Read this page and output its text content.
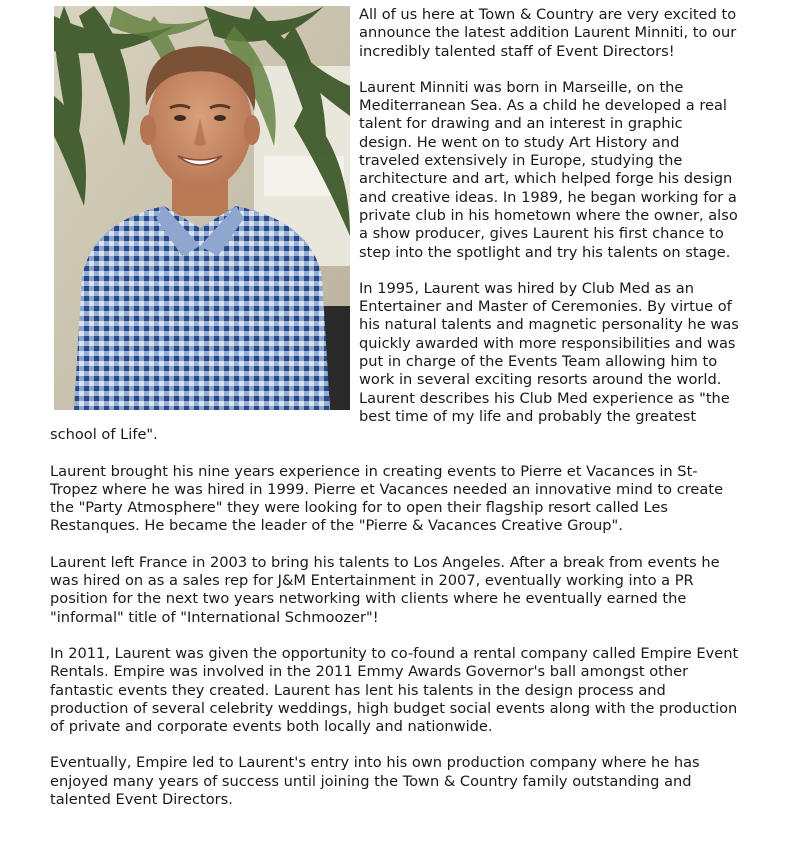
All of us here at Town & Country are very excited to announce the latest addition Laurent Minniti, to our incredibly talented staff of Event Directors!

Laurent Minniti was born in Marseille, on the Mediterranean Sea. As a child he developed a real talent for drawing and an interest in graphic design. He went on to study Art History and traveled extensively in Europe, studying the architecture and art, which helped forge his design and creative ideas. In 1989, he began working for a private club in his hometown where the owner, also a show producer, gives Laurent his first chance to step into the spotlight and try his talents on stage.

In 1995, Laurent was hired by Club Med as an Entertainer and Master of Ceremonies. By virtue of his natural talents and magnetic personality he was quickly awarded with more responsibilities and was put in charge of the Events Team allowing him to work in several exciting resorts around the world. Laurent describes his Club Med experience as "the best time of my life and probably the greatest school of Life".

Laurent brought his nine years experience in creating events to Pierre et Vacances in St-Tropez where he was hired in 1999. Pierre et Vacances needed an innovative mind to create the "Party Atmosphere" they were looking for to open their flagship resort called Les Restanques. He became the leader of the "Pierre & Vacances Creative Group".

Laurent left France in 2003 to bring his talents to Los Angeles. After a break from events he was hired on as a sales rep for J&M Entertainment in 2007, eventually working into a PR position for the next two years networking with clients where he eventually earned the "informal" title of "International Schmoozer"!

In 2011, Laurent was given the opportunity to co-found a rental company called Empire Event Rentals. Empire was involved in the 2011 Emmy Awards Governor's ball amongst other fantastic events they created. Laurent has lent his talents in the design process and production of several celebrity weddings, high budget social events along with the production of private and corporate events both locally and nationwide.

Eventually, Empire led to Laurent's entry into his own production company where he has enjoyed many years of success until joining the Town & Country family outstanding and talented Event Directors.
